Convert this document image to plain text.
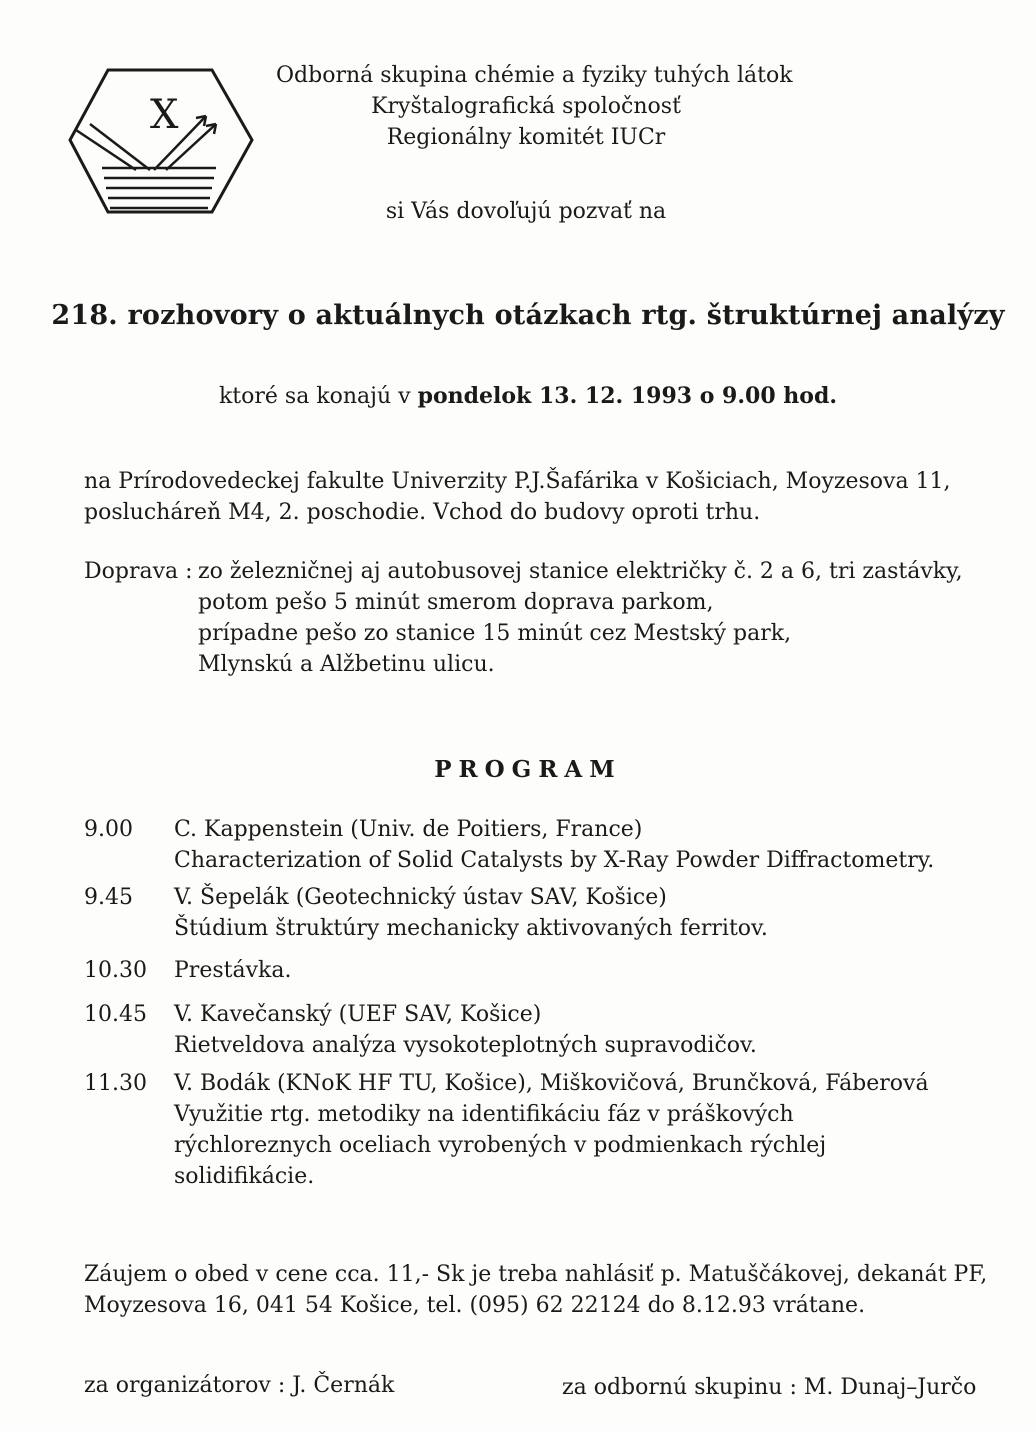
X
Odborná skupina chémie a fyziky tuhých látok
Kryštalografická spoločnosť
Regionálny komitét IUCr
si Vás dovoľujú pozvať na
218. rozhovory o aktuálnych otázkach rtg. štruktúrnej analýzy
ktoré sa konajú v pondelok 13. 12. 1993 o 9.00 hod.
na Prírodovedeckej fakulte Univerzity P.J.Šafárika v Košiciach, Moyzesova 11,
poslucháreň M4, 2. poschodie. Vchod do budovy oproti trhu.
Doprava : zo železničnej aj autobusovej stanice električky č. 2 a 6, tri zastávky,
potom pešo 5 minút smerom doprava parkom,
prípadne pešo zo stanice 15 minút cez Mestský park,
Mlynskú a Alžbetinu ulicu.
PROGRAM
9.00 C. Kappenstein (Univ. de Poitiers, France)
Characterization of Solid Catalysts by X-Ray Powder Diffractometry.
9.45 V. Šepelák (Geotechnický ústav SAV, Košice)
Štúdium štruktúry mechanicky aktivovaných ferritov.
10.30 Prestávka.
10.45 V. Kavečanský (UEF SAV, Košice)
Rietveldova analýza vysokoteplotných supravodičov.
11.30 V. Bodák (KNoK HF TU, Košice), Miškovičová, Brunčková, Fáberová
Využitie rtg. metodiky na identifikáciu fáz v práškových
rýchloreznych oceliach vyrobených v podmienkach rýchlej
solidifikácie.
Záujem o obed v cene cca. 11,- Sk je treba nahlásiť p. Matuščákovej, dekanát PF,
Moyzesova 16, 041 54 Košice, tel. (095) 62 22124 do 8.12.93 vrátane.
za organizátorov : J. Černák	za odbornú skupinu : M. Dunaj–Jurčo
